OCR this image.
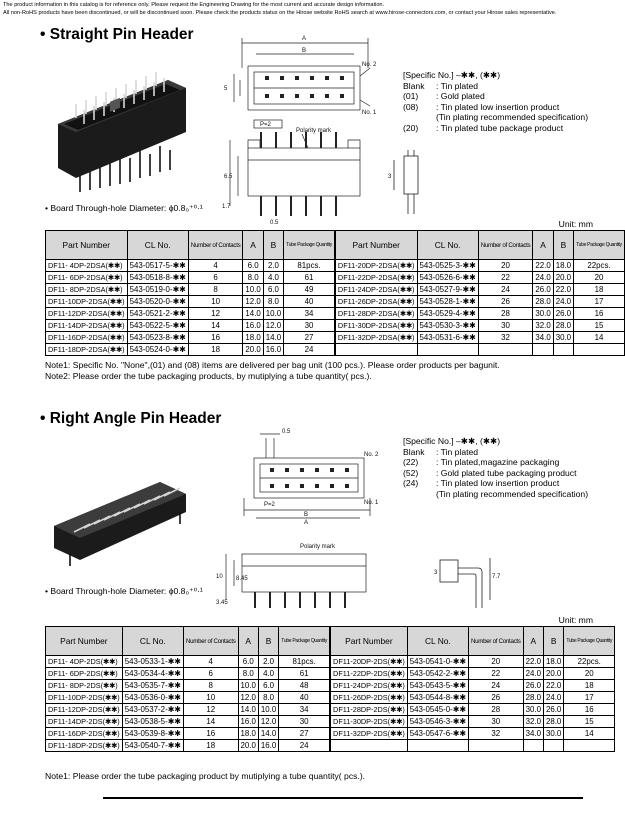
The product information in this catalog is for reference only. Please request the Engineering Drawing for the most current and accurate design information.
All non-RoHS products have been discontinued, or will be discontinued soon. Please check the products status on the Hirose website RoHS search at www.hirose-connectors.com, or contact your Hirose sales representative.
• Straight Pin Header
• Board Through-hole Diameter: ϕ0.8₀⁺⁰·¹
A
B
No. 2
No. 1
P=2
5
Polarity mark
0.5
6.5
1.7
3
[Specific No.] –✱✱, (✱✱)
Blank : Tin plated
(01) : Gold plated
(08) : Tin plated low insertion product
(Tin plating recommended specification)
(20) : Tin plated tube package product
Unit: mm
Part Number	CL No.	Number of Contacts	A	B	Tube Package Quantity	Part Number	CL No.	Number of Contacts	A	B	Tube Package Quantity
DF11- 4DP-2DSA(✱✱)	543-0517-5-✱✱	4	6.0	2.0	81pcs.	DF11-20DP-2DSA(✱✱)	543-0525-3-✱✱	20	22.0	18.0	22pcs.
DF11- 6DP-2DSA(✱✱)	543-0518-8-✱✱	6	8.0	4.0	61	DF11-22DP-2DSA(✱✱)	543-0526-6-✱✱	22	24.0	20.0	20
DF11- 8DP-2DSA(✱✱)	543-0519-0-✱✱	8	10.0	6.0	49	DF11-24DP-2DSA(✱✱)	543-0527-9-✱✱	24	26.0	22.0	18
DF11-10DP-2DSA(✱✱)	543-0520-0-✱✱	10	12.0	8.0	40	DF11-26DP-2DSA(✱✱)	543-0528-1-✱✱	26	28.0	24.0	17
DF11-12DP-2DSA(✱✱)	543-0521-2-✱✱	12	14.0	10.0	34	DF11-28DP-2DSA(✱✱)	543-0529-4-✱✱	28	30.0	26.0	16
DF11-14DP-2DSA(✱✱)	543-0522-5-✱✱	14	16.0	12.0	30	DF11-30DP-2DSA(✱✱)	543-0530-3-✱✱	30	32.0	28.0	15
DF11-16DP-2DSA(✱✱)	543-0523-8-✱✱	16	18.0	14.0	27	DF11-32DP-2DSA(✱✱)	543-0531-6-✱✱	32	34.0	30.0	14
DF11-18DP-2DSA(✱✱)	543-0524-0-✱✱	18	20.0	16.0	24						
Note1: Specific No. "None",(01) and (08) items are delivered per bag unit (100 pcs.). Please order products per bagunit.
Note2: Please order the tube packaging products, by mutiplying a tube quantity( pcs.).
• Right Angle Pin Header
• Board Through-hole Diameter: ϕ0.8₀⁺⁰·¹
0.5
No. 2
No. 1
P=2
B
A
Polarity mark
10 8.45
3.45
7.7
3
[Specific No.] –✱✱, (✱✱)
Blank : Tin plated
(22) : Tin plated,magazine packaging
(52) : Gold plated tube packaging product
(24) : Tin plated low insertion product
(Tin plating recommended specification)
Unit: mm
Part Number	CL No.	Number of Contacts	A	B	Tube Package Quantity	Part Number	CL No.	Number of Contacts	A	B	Tube Package Quantity
DF11- 4DP-2DS(✱✱)	543-0533-1-✱✱	4	6.0	2.0	81pcs.	DF11-20DP-2DS(✱✱)	543-0541-0-✱✱	20	22.0	18.0	22pcs.
DF11- 6DP-2DS(✱✱)	543-0534-4-✱✱	6	8.0	4.0	61	DF11-22DP-2DS(✱✱)	543-0542-2-✱✱	22	24.0	20.0	20
DF11- 8DP-2DS(✱✱)	543-0535-7-✱✱	8	10.0	6.0	48	DF11-24DP-2DS(✱✱)	543-0543-5-✱✱	24	26.0	22.0	18
DF11-10DP-2DS(✱✱)	543-0536-0-✱✱	10	12.0	8.0	40	DF11-26DP-2DS(✱✱)	543-0544-8-✱✱	26	28.0	24.0	17
DF11-12DP-2DS(✱✱)	543-0537-2-✱✱	12	14.0	10.0	34	DF11-28DP-2DS(✱✱)	543-0545-0-✱✱	28	30.0	26.0	16
DF11-14DP-2DS(✱✱)	543-0538-5-✱✱	14	16.0	12.0	30	DF11-30DP-2DS(✱✱)	543-0546-3-✱✱	30	32.0	28.0	15
DF11-16DP-2DS(✱✱)	543-0539-8-✱✱	16	18.0	14.0	27	DF11-32DP-2DS(✱✱)	543-0547-6-✱✱	32	34.0	30.0	14
DF11-18DP-2DS(✱✱)	543-0540-7-✱✱	18	20.0	16.0	24						
Note1: Please order the tube packaging product by mutiplying a tube quantity( pcs.).
